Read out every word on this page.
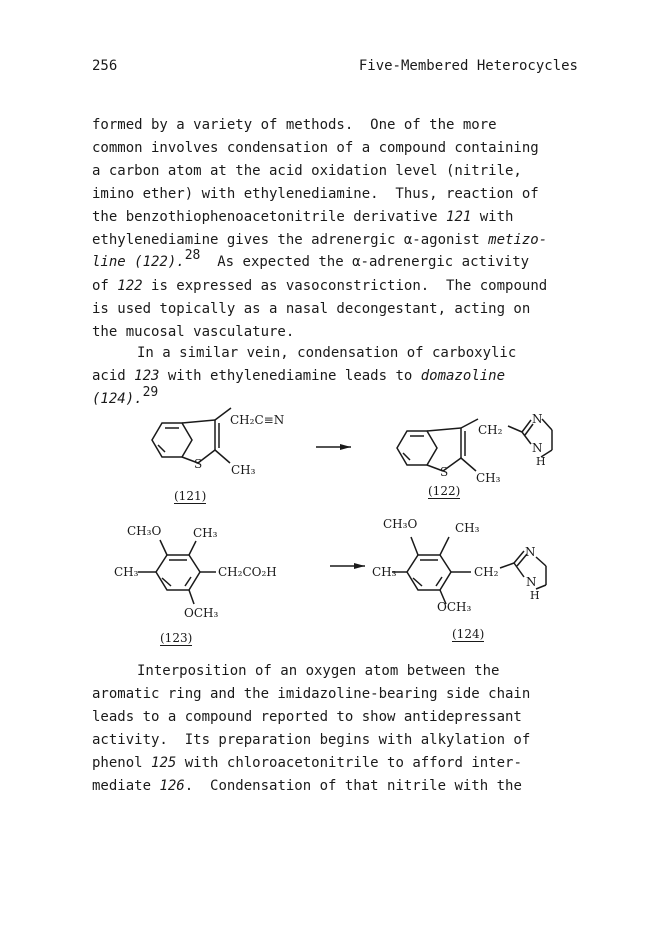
256	Five-Membered Heterocycles
formed by a variety of methods.  One of the more
common involves condensation of a compound containing
a carbon atom at the acid oxidation level (nitrile,
imino ether) with ethylenediamine.  Thus, reaction of
the benzothiophenoacetonitrile derivative 121 with
ethylenediamine gives the adrenergic α-agonist metizo-
line (122).28  As expected the α-adrenergic activity
of 122 is expressed as vasoconstriction.  The compound
is used topically as a nasal decongestant, acting on
the mucosal vasculature.
In a similar vein, condensation of carboxylic
acid 123 with ethylenediamine leads to domazoline
(124).29
CH₂C≡N
S CH₃
CH₂
S CH₃
N
N
H
CH₃O	CH₃
CH₃	CH₂CO₂H
OCH₃
CH₃O	CH₃
CH₃	CH₂
OCH₃
N
N
H
(121)	(122)
(123)	(124)
Interposition of an oxygen atom between the
aromatic ring and the imidazoline-bearing side chain
leads to a compound reported to show antidepressant
activity.  Its preparation begins with alkylation of
phenol 125 with chloroacetonitrile to afford inter-
mediate 126.  Condensation of that nitrile with the
